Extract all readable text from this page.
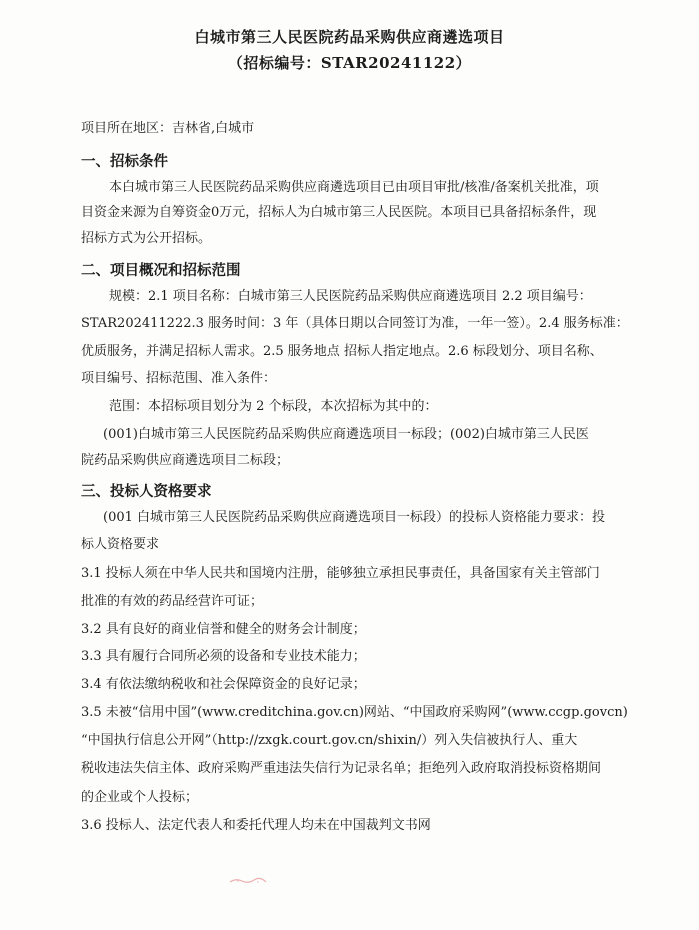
白城市第三人民医院药品采购供应商遴选项目
（招标编号：STAR20241122）
项目所在地区：吉林省,白城市
一、招标条件
本白城市第三人民医院药品采购供应商遴选项目已由项目审批/核准/备案机关批准，项
目资金来源为自筹资金0万元，招标人为白城市第三人民医院。本项目已具备招标条件，现
招标方式为公开招标。
二、项目概况和招标范围
规模：2.1 项目名称：白城市第三人民医院药品采购供应商遴选项目 2.2 项目编号：
STAR202411222.3 服务时间：3 年（具体日期以合同签订为准，一年一签）。2.4 服务标准：
优质服务，并满足招标人需求。2.5 服务地点 招标人指定地点。2.6 标段划分、项目名称、
项目编号、招标范围、准入条件：
范围：本招标项目划分为 2 个标段，本次招标为其中的：
(001)白城市第三人民医院药品采购供应商遴选项目一标段；(002)白城市第三人民医
院药品采购供应商遴选项目二标段；
三、投标人资格要求
(001 白城市第三人民医院药品采购供应商遴选项目一标段）的投标人资格能力要求：投
标人资格要求
3.1 投标人须在中华人民共和国境内注册，能够独立承担民事责任，具备国家有关主管部门
批准的有效的药品经营许可证；
3.2 具有良好的商业信誉和健全的财务会计制度；
3.3 具有履行合同所必须的设备和专业技术能力；
3.4 有依法缴纳税收和社会保障资金的良好记录；
3.5 未被“信用中国”(www.creditchina.gov.cn)网站、“中国政府采购网”(www.ccgp.govcn)
“中国执行信息公开网”（http://zxgk.court.gov.cn/shixin/）列入失信被执行人、重大
税收违法失信主体、政府采购严重违法失信行为记录名单；拒绝列入政府取消投标资格期间
的企业或个人投标；
3.6 投标人、法定代表人和委托代理人均未在中国裁判文书网
